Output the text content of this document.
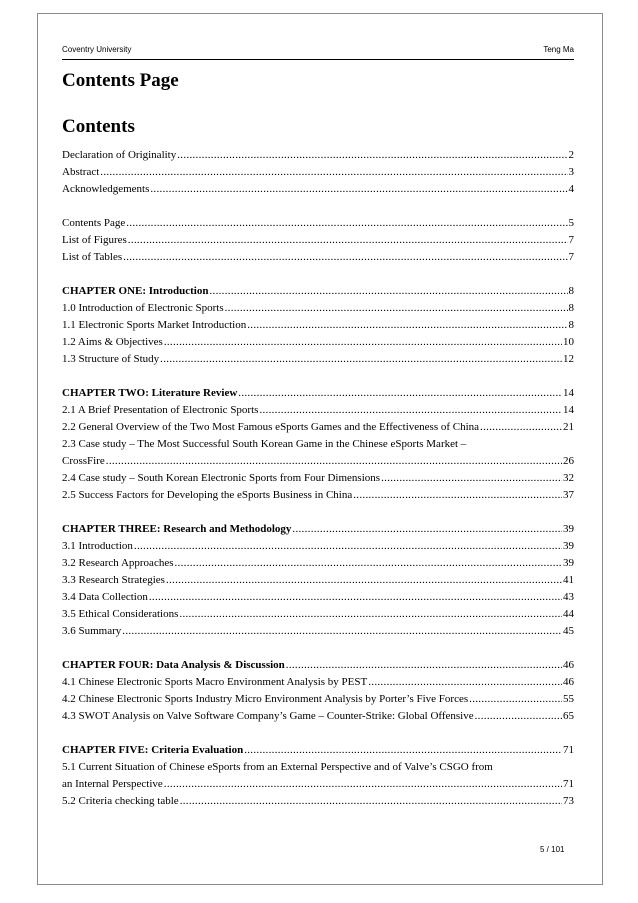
Coventry University	Teng Ma
Contents Page
Contents
Declaration of Originality .....	2
Abstract .....	3
Acknowledgements .....	4
Contents Page .....	5
List of Figures .....	7
List of Tables .....	7
CHAPTER ONE: Introduction .....	8
1.0 Introduction of Electronic Sports .....	8
1.1 Electronic Sports Market Introduction .....	8
1.2 Aims & Objectives .....	10
1.3 Structure of Study .....	12
CHAPTER TWO: Literature Review .....	14
2.1 A Brief Presentation of Electronic Sports .....	14
2.2 General Overview of the Two Most Famous eSports Games and the Effectiveness of China .....	21
2.3 Case study – The Most Successful South Korean Game in the Chinese eSports Market –
CrossFire .....	26
2.4 Case study – South Korean Electronic Sports from Four Dimensions .....	32
2.5 Success Factors for Developing the eSports Business in China .....	37
CHAPTER THREE: Research and Methodology .....	39
3.1 Introduction .....	39
3.2 Research Approaches .....	39
3.3 Research Strategies .....	41
3.4 Data Collection .....	43
3.5 Ethical Considerations .....	44
3.6 Summary .....	45
CHAPTER FOUR: Data Analysis & Discussion .....	46
4.1 Chinese Electronic Sports Macro Environment Analysis by PEST .....	46
4.2 Chinese Electronic Sports Industry Micro Environment Analysis by Porter’s Five Forces .....	55
4.3 SWOT Analysis on Valve Software Company’s Game – Counter-Strike: Global Offensive .....	65
CHAPTER FIVE: Criteria Evaluation .....	71
5.1 Current Situation of Chinese eSports from an External Perspective and of Valve’s CSGO from
an Internal Perspective .....	71
5.2 Criteria checking table .....	73
5 / 101
